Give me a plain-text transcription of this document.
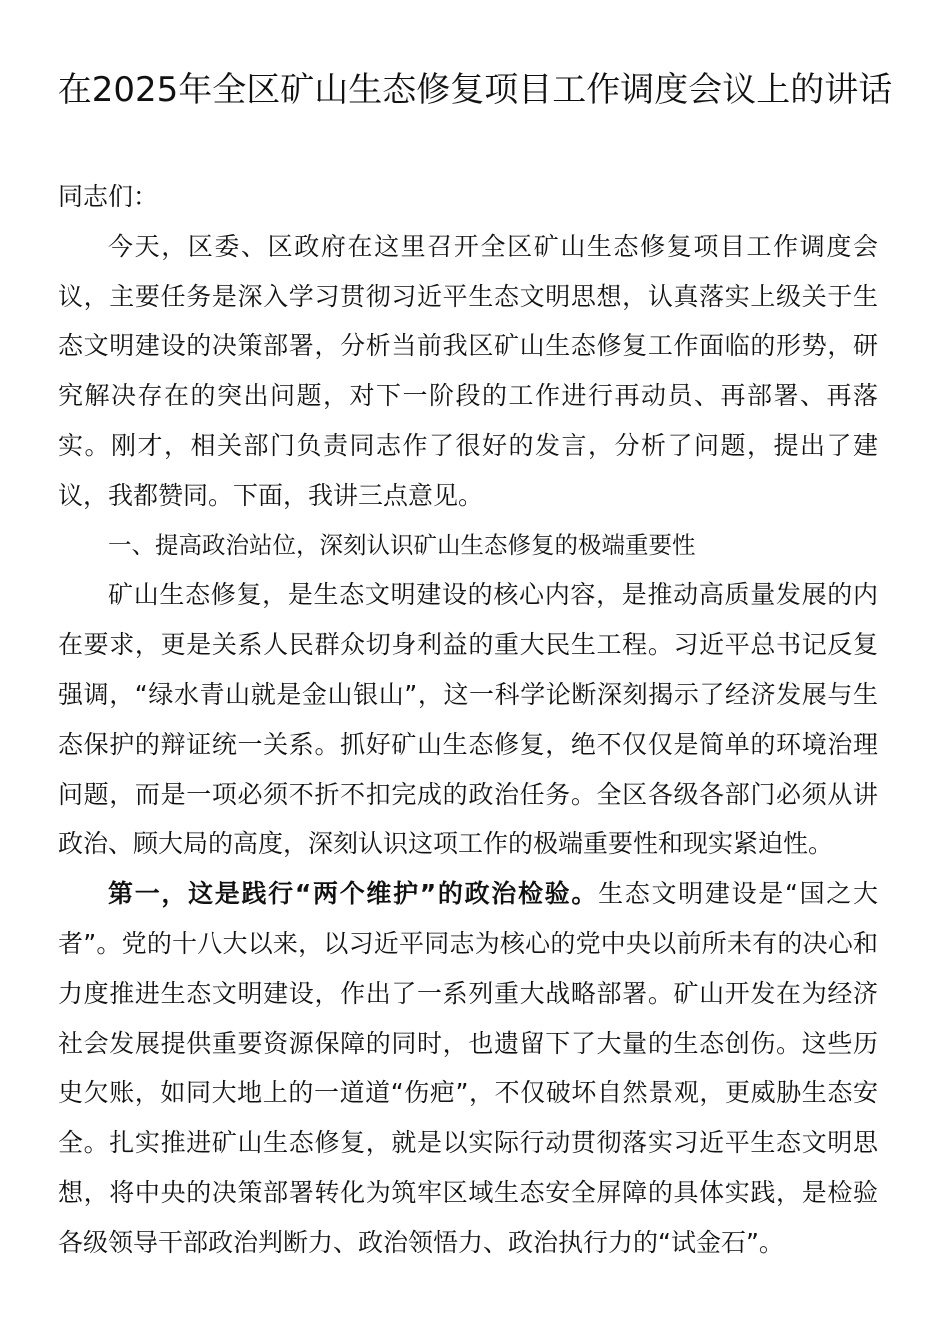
在2025年全区矿山生态修复项目工作调度会议上的讲话

同志们：

今天，区委、区政府在这里召开全区矿山生态修复项目工作调度会议，主要任务是深入学习贯彻习近平生态文明思想，认真落实上级关于生态文明建设的决策部署，分析当前我区矿山生态修复工作面临的形势，研究解决存在的突出问题，对下一阶段的工作进行再动员、再部署、再落实。刚才，相关部门负责同志作了很好的发言，分析了问题，提出了建议，我都赞同。下面，我讲三点意见。

一、提高政治站位，深刻认识矿山生态修复的极端重要性

矿山生态修复，是生态文明建设的核心内容，是推动高质量发展的内在要求，更是关系人民群众切身利益的重大民生工程。习近平总书记反复强调，“绿水青山就是金山银山”，这一科学论断深刻揭示了经济发展与生态保护的辩证统一关系。抓好矿山生态修复，绝不仅仅是简单的环境治理问题，而是一项必须不折不扣完成的政治任务。全区各级各部门必须从讲政治、顾大局的高度，深刻认识这项工作的极端重要性和现实紧迫性。

第一，这是践行“两个维护”的政治检验。生态文明建设是“国之大者”。党的十八大以来，以习近平同志为核心的党中央以前所未有的决心和力度推进生态文明建设，作出了一系列重大战略部署。矿山开发在为经济社会发展提供重要资源保障的同时，也遗留下了大量的生态创伤。这些历史欠账，如同大地上的一道道“伤疤”，不仅破坏自然景观，更威胁生态安全。扎实推进矿山生态修复，就是以实际行动贯彻落实习近平生态文明思想，将中央的决策部署转化为筑牢区域生态安全屏障的具体实践，是检验各级领导干部政治判断力、政治领悟力、政治执行力的“试金石”。
